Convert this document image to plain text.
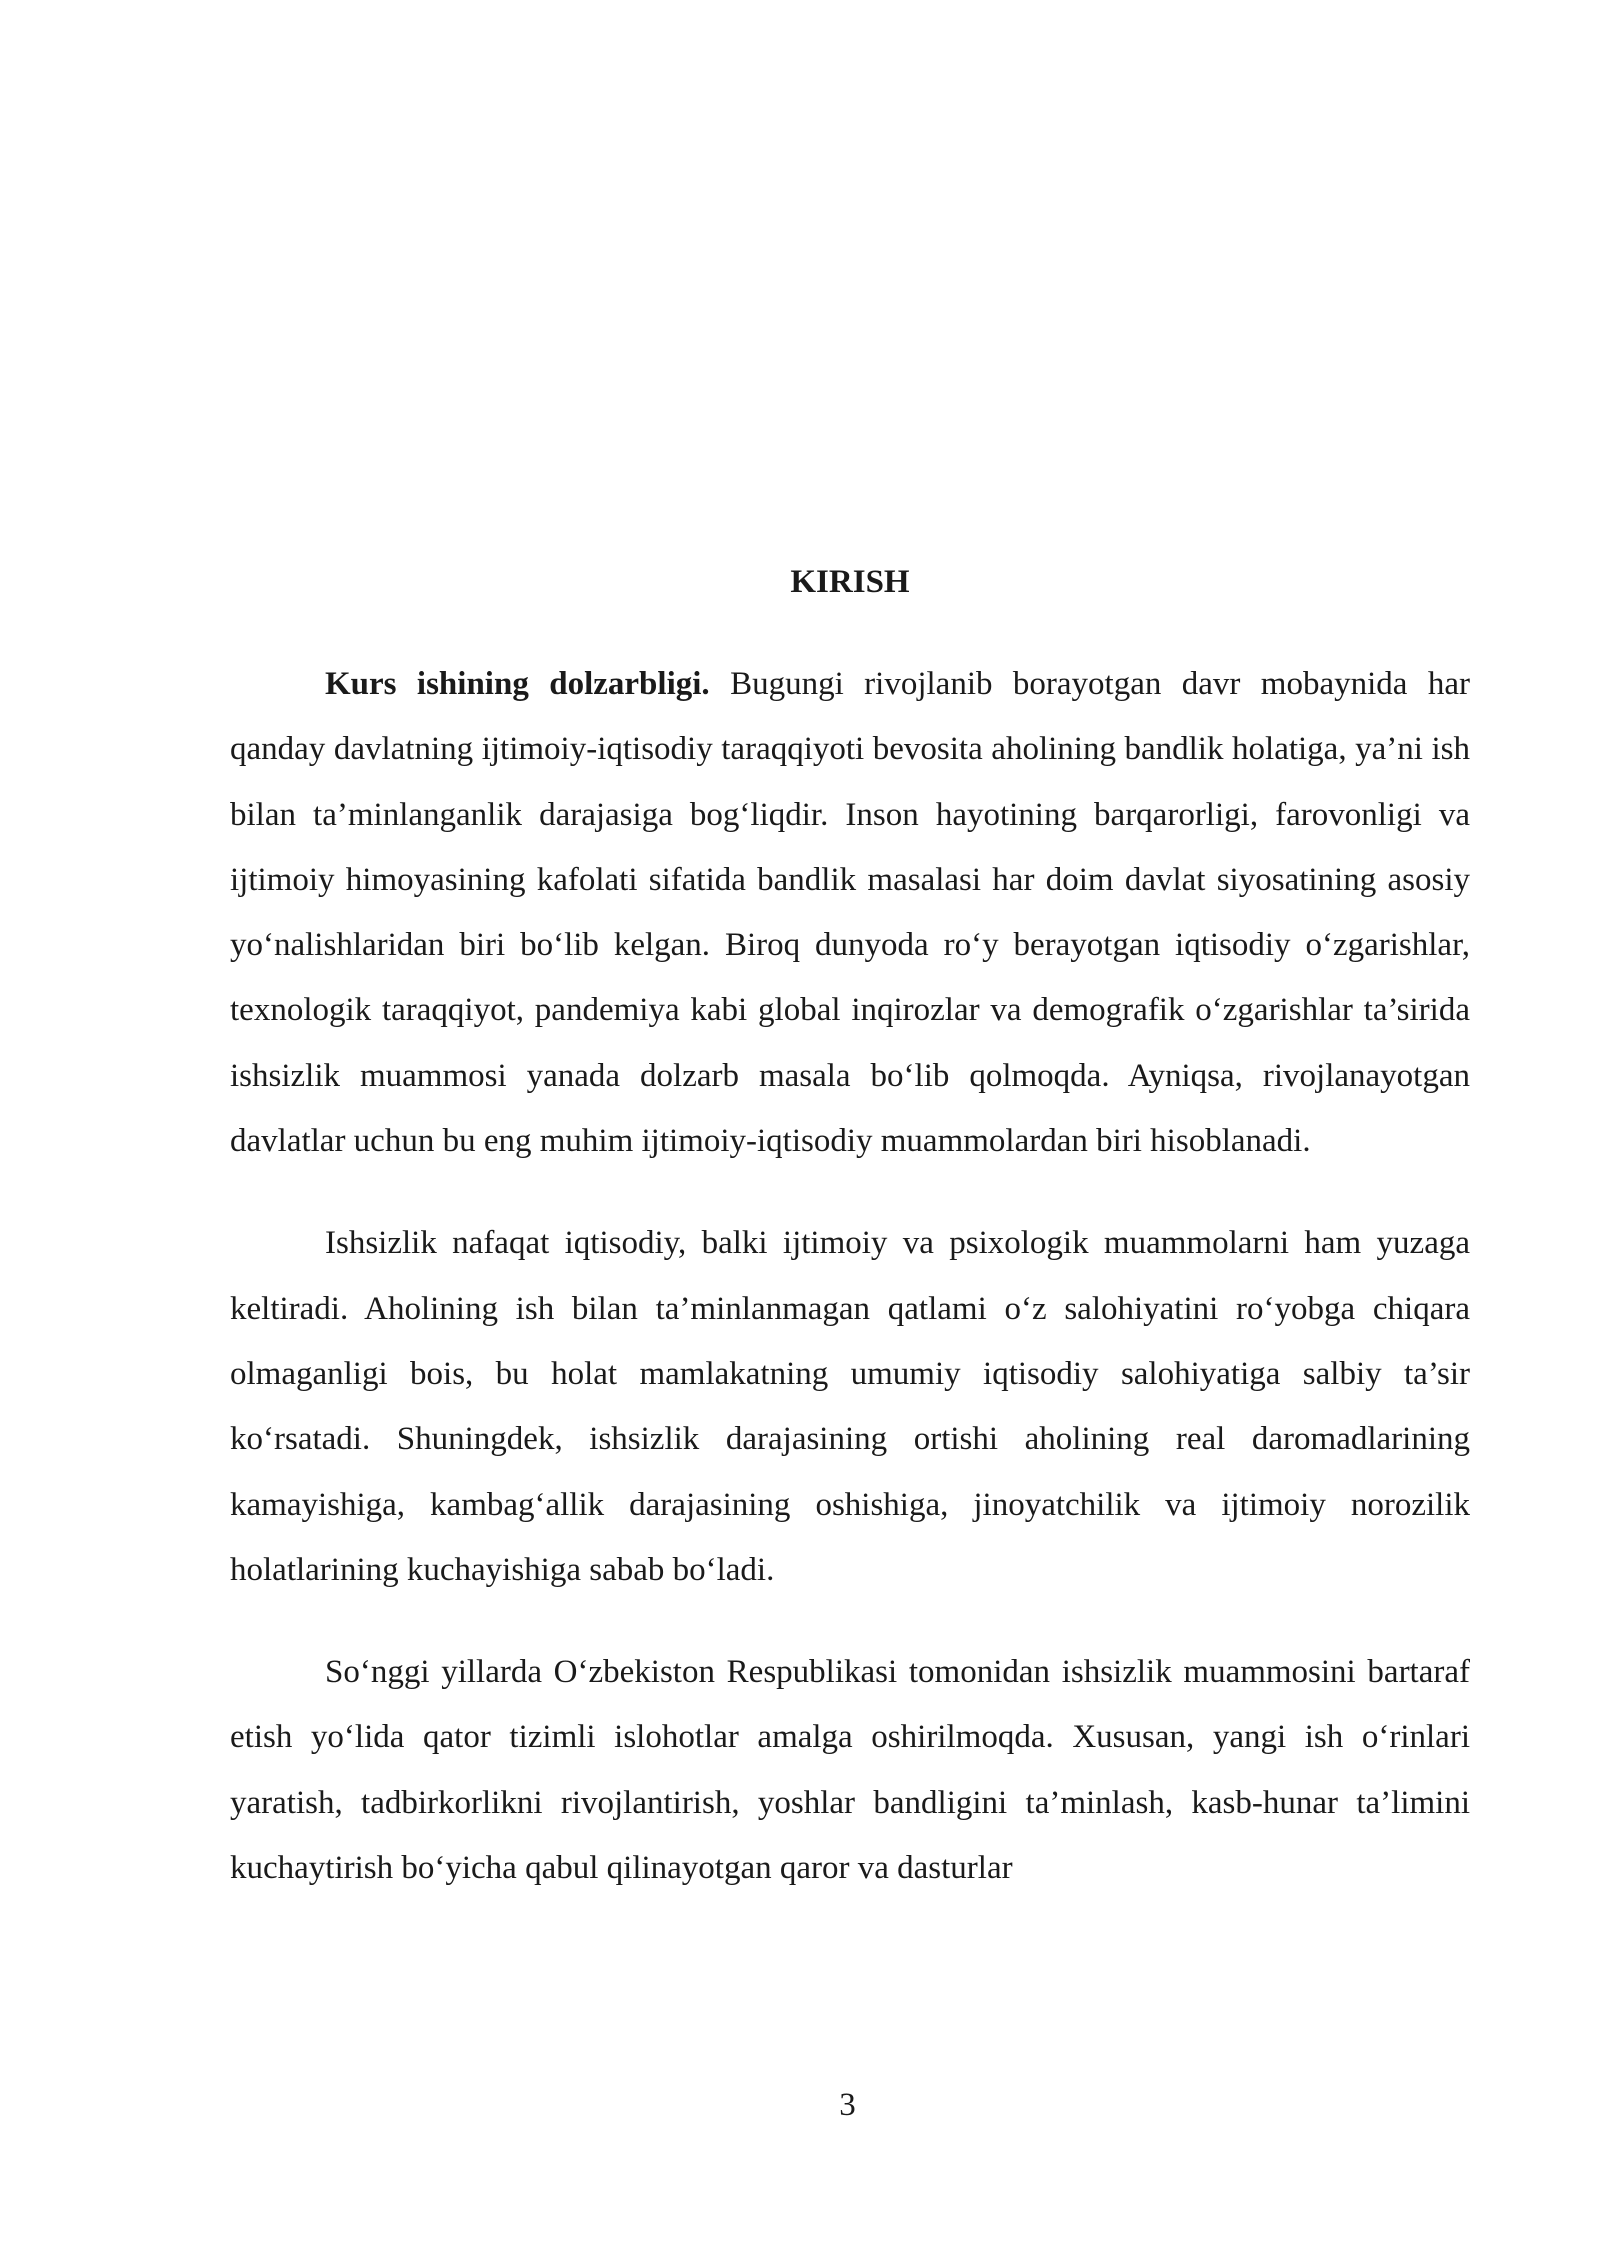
KIRISH

Kurs ishining dolzarbligi. Bugungi rivojlanib borayotgan davr mobaynida har qanday davlatning ijtimoiy-iqtisodiy taraqqiyoti bevosita aholining bandlik holatiga, ya’ni ish bilan ta’minlanganlik darajasiga bog‘liqdir. Inson hayotining barqarorligi, farovonligi va ijtimoiy himoyasining kafolati sifatida bandlik masalasi har doim davlat siyosatining asosiy yo‘nalishlaridan biri bo‘lib kelgan. Biroq dunyoda ro‘y berayotgan iqtisodiy o‘zgarishlar, texnologik taraqqiyot, pandemiya kabi global inqirozlar va demografik o‘zgarishlar ta’sirida ishsizlik muammosi yanada dolzarb masala bo‘lib qolmoqda. Ayniqsa, rivojlanayotgan davlatlar uchun bu eng muhim ijtimoiy-iqtisodiy muammolardan biri hisoblanadi.

Ishsizlik nafaqat iqtisodiy, balki ijtimoiy va psixologik muammolarni ham yuzaga keltiradi. Aholining ish bilan ta’minlanmagan qatlami o‘z salohiyatini ro‘yobga chiqara olmaganligi bois, bu holat mamlakatning umumiy iqtisodiy salohiyatiga salbiy ta’sir ko‘rsatadi. Shuningdek, ishsizlik darajasining ortishi aholining real daromadlarining kamayishiga, kambag‘allik darajasining oshishiga, jinoyatchilik va ijtimoiy norozilik holatlarining kuchayishiga sabab bo‘ladi.

So‘nggi yillarda O‘zbekiston Respublikasi tomonidan ishsizlik muammosini bartaraf etish yo‘lida qator tizimli islohotlar amalga oshirilmoqda. Xususan, yangi ish o‘rinlari yaratish, tadbirkorlikni rivojlantirish, yoshlar bandligini ta’minlash, kasb-hunar ta’limini kuchaytirish bo‘yicha qabul qilinayotgan qaror va dasturlar

3
